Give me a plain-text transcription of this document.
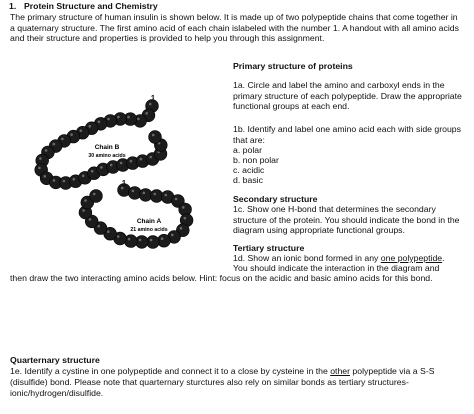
1. Protein Structure and Chemistry
The primary structure of human insulin is shown below. It is made up of two polypeptide chains that come together in a quaternary structure. The first amino acid of each chain islabeled with the number 1. A handout with all amino acids and their structure and properties is provided to help you through this assignment.
Primary structure of proteins
1a. Circle and label the amino and carboxyl ends in the primary structure of each polypeptide. Draw the appropriate functional groups at each end.
1b. Identify and label one amino acid each with side groups that are:
a. polar
b. non polar
c. acidic
d. basic
Secondary structure
1c. Show one H-bond that determines the secondary structure of the protein. You should indicate the bond in the diagram using appropriate functional groups.
Tertiary structure
1d. Show an ionic bond formed in any one polypeptide.
You should indicate the interaction in the diagram and
then draw the two interacting amino acids below. Hint: focus on the acidic and basic amino acids for this bond.
Quarternary structure
1e. Identify a cystine in one polypeptide and connect it to a close by cysteine in the other polypeptide via a S-S
(disulfide) bond. Please note that quarternary sturctures also rely on similar bonds as tertiary structures-
ionic/hydrogen/disulfide.
Chain B
30 amino acids
Chain A
21 amino acids
1
1
